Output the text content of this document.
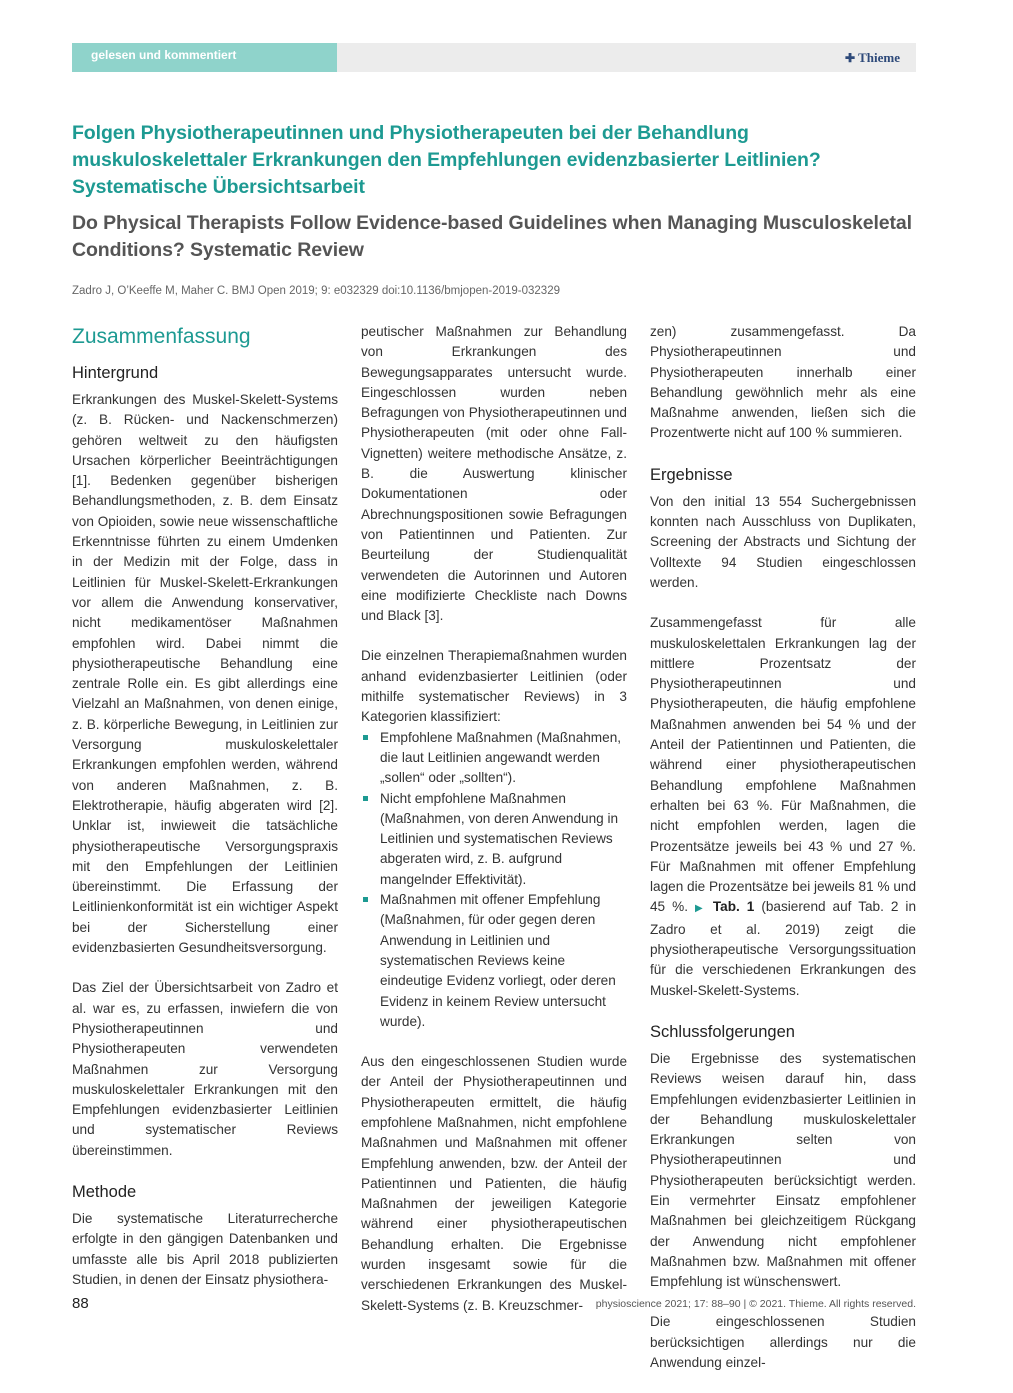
gelesen und kommentiert	✚ Thieme
Folgen Physiotherapeutinnen und Physiotherapeuten bei der Behandlung muskuloskelettaler Erkrankungen den Empfehlungen evidenzbasierter Leitlinien? Systematische Übersichtsarbeit
Do Physical Therapists Follow Evidence-based Guidelines when Managing Musculoskeletal Conditions? Systematic Review
Zadro J, O’Keeffe M, Maher C. BMJ Open 2019; 9: e032329 doi:10.1136/bmjopen-2019-032329
Zusammenfassung
Hintergrund

Erkrankungen des Muskel-Skelett-Systems (z. B. Rücken- und Nackenschmerzen) gehören weltweit zu den häufigsten Ursachen körperlicher Beeinträchtigungen [1]. Bedenken gegenüber bisherigen Behandlungsmethoden, z. B. dem Einsatz von Opioiden, sowie neue wissenschaftliche Erkenntnisse führten zu einem Umdenken in der Medizin mit der Folge, dass in Leitlinien für Muskel-Skelett-Erkrankungen vor allem die Anwendung konservativer, nicht medikamentöser Maßnahmen empfohlen wird. Dabei nimmt die physiotherapeutische Behandlung eine zentrale Rolle ein. Es gibt allerdings eine Vielzahl an Maßnahmen, von denen einige, z. B. körperliche Bewegung, in Leitlinien zur Versorgung muskuloskelettaler Erkrankungen empfohlen werden, während von anderen Maßnahmen, z. B. Elektrotherapie, häufig abgeraten wird [2]. Unklar ist, inwieweit die tatsächliche physiotherapeutische Versorgungspraxis mit den Empfehlungen der Leitlinien übereinstimmt. Die Erfassung der Leitlinienkonformität ist ein wichtiger Aspekt bei der Sicherstellung einer evidenzbasierten Gesundheitsversorgung.

Das Ziel der Übersichtsarbeit von Zadro et al. war es, zu erfassen, inwiefern die von Physiotherapeutinnen und Physiotherapeuten verwendeten Maßnahmen zur Versorgung muskuloskelettaler Erkrankungen mit den Empfehlungen evidenzbasierter Leitlinien und systematischer Reviews übereinstimmen.

Methode

Die systematische Literaturrecherche erfolgte in den gängigen Datenbanken und umfasste alle bis April 2018 publizierten Studien, in denen der Einsatz physiothera-

peutischer Maßnahmen zur Behandlung von Erkrankungen des Bewegungsapparates untersucht wurde. Eingeschlossen wurden neben Befragungen von Physiotherapeutinnen und Physiotherapeuten (mit oder ohne Fall-Vignetten) weitere methodische Ansätze, z. B. die Auswertung klinischer Dokumentationen oder Abrechnungspositionen sowie Befragungen von Patientinnen und Patienten. Zur Beurteilung der Studienqualität verwendeten die Autorinnen und Autoren eine modifizierte Checkliste nach Downs und Black [3].

Die einzelnen Therapiemaßnahmen wurden anhand evidenzbasierter Leitlinien (oder mithilfe systematischer Reviews) in 3 Kategorien klassifiziert:

Empfohlene Maßnahmen (Maßnahmen, die laut Leitlinien angewandt werden „sollen“ oder „sollten“).
Nicht empfohlene Maßnahmen (Maßnahmen, von deren Anwendung in Leitlinien und systematischen Reviews abgeraten wird, z. B. aufgrund mangelnder Effektivität).
Maßnahmen mit offener Empfehlung (Maßnahmen, für oder gegen deren Anwendung in Leitlinien und systematischen Reviews keine eindeutige Evidenz vorliegt, oder deren Evidenz in keinem Review untersucht wurde).

Aus den eingeschlossenen Studien wurde der Anteil der Physiotherapeutinnen und Physiotherapeuten ermittelt, die häufig empfohlene Maßnahmen, nicht empfohlene Maßnahmen und Maßnahmen mit offener Empfehlung anwenden, bzw. der Anteil der Patientinnen und Patienten, die häufig Maßnahmen der jeweiligen Kategorie während einer physiotherapeutischen Behandlung erhalten. Die Ergebnisse wurden insgesamt sowie für die verschiedenen Erkrankungen des Muskel-Skelett-Systems (z. B. Kreuzschmer-

zen) zusammengefasst. Da Physiotherapeutinnen und Physiotherapeuten innerhalb einer Behandlung gewöhnlich mehr als eine Maßnahme anwenden, ließen sich die Prozentwerte nicht auf 100 % summieren.

Ergebnisse

Von den initial 13 554 Suchergebnissen konnten nach Ausschluss von Duplikaten, Screening der Abstracts und Sichtung der Volltexte 94 Studien eingeschlossen werden.

Zusammengefasst für alle muskuloskelettalen Erkrankungen lag der mittlere Prozentsatz der Physiotherapeutinnen und Physiotherapeuten, die häufig empfohlene Maßnahmen anwenden bei 54 % und der Anteil der Patientinnen und Patienten, die während einer physiotherapeutischen Behandlung empfohlene Maßnahmen erhalten bei 63 %. Für Maßnahmen, die nicht empfohlen werden, lagen die Prozentsätze jeweils bei 43 % und 27 %. Für Maßnahmen mit offener Empfehlung lagen die Prozentsätze bei jeweils 81 % und 45 %. ▶ Tab. 1 (basierend auf Tab. 2 in Zadro et al. 2019) zeigt die physiotherapeutische Versorgungssituation für die verschiedenen Erkrankungen des Muskel-Skelett-Systems.

Schlussfolgerungen

Die Ergebnisse des systematischen Reviews weisen darauf hin, dass Empfehlungen evidenzbasierter Leitlinien in der Behandlung muskuloskelettaler Erkrankungen selten von Physiotherapeutinnen und Physiotherapeuten berücksichtigt werden. Ein vermehrter Einsatz empfohlener Maßnahmen bei gleichzeitigem Rückgang der Anwendung nicht empfohlener Maßnahmen bzw. Maßnahmen mit offener Empfehlung ist wünschenswert.

Die eingeschlossenen Studien berücksichtigen allerdings nur die Anwendung einzel-

88	physioscience 2021; 17: 88–90 | © 2021. Thieme. All rights reserved.
